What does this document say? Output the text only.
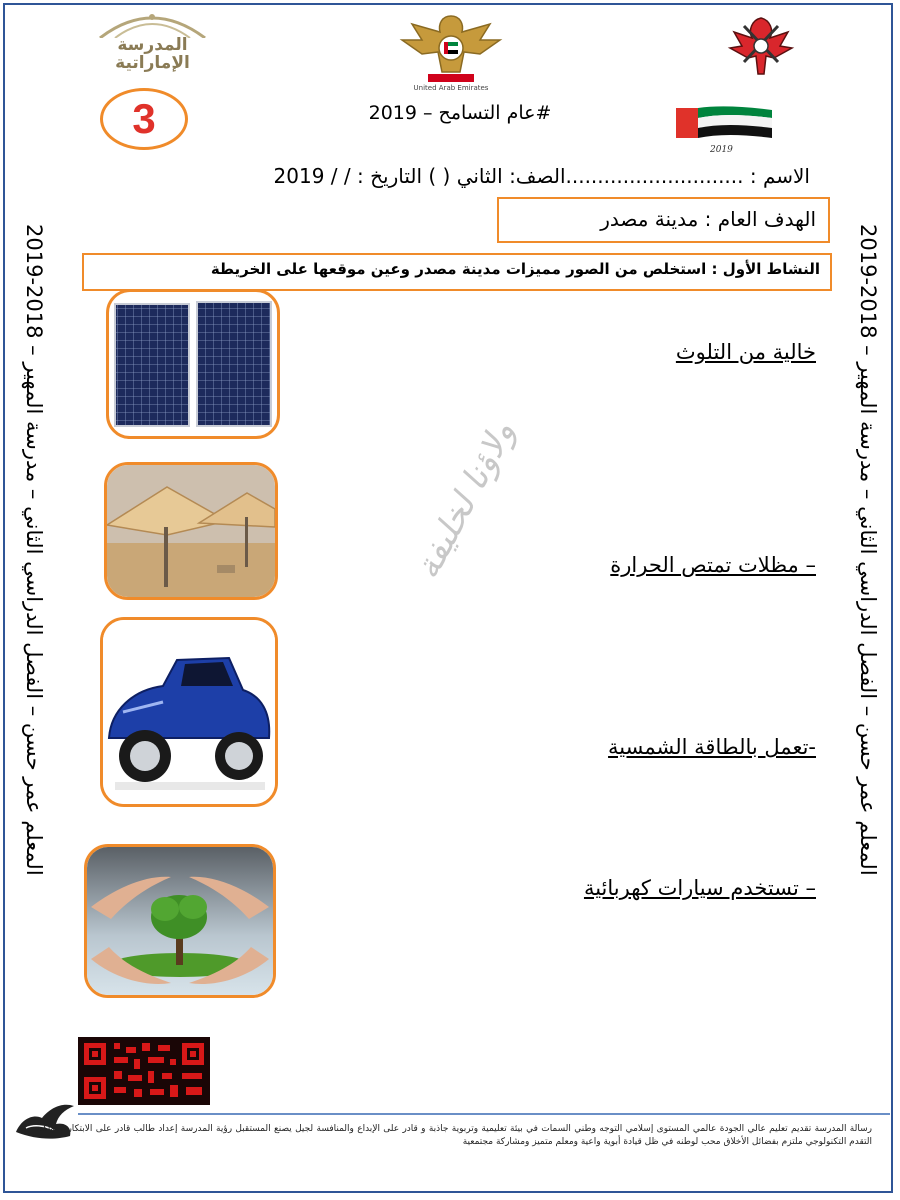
المعلم عمر حسن – الفصل الدراسي الثاني – مدرسة المهير – 2018-2019
المعلم عمر حسن – الفصل الدراسي الثاني – مدرسة المهير – 2018-2019
المدرسة الإماراتية
United Arab Emirates
3	#عام التسامح – 2019
2019
الاسم : ............................الصف: الثاني ( ) التاريخ : / / 2019
الهدف العام : مدينة مصدر
النشاط الأول : استخلص من الصور مميزات مدينة مصدر وعين موقعها على الخريطة
خالية من التلوث
– مظلات تمتص الحرارة
ولاؤنا لخليفة
-تعمل بالطاقة الشمسية
– تستخدم سيارات كهربائية
رسالة المدرسة تقديم تعليم عالي الجودة عالمي المستوى إسلامي التوجه وطني السمات في بيئة تعليمية وتربوية جاذبة و قادر على الإبداع والمنافسة لجيل يصنع المستقبل رؤية المدرسة إعداد طالب قادر على الابتكار ومواكبة التقدم التكنولوجي ملتزم بفضائل الأخلاق محب لوطنه في ظل قيادة أبوية واعية ومعلم متميز ومشاركة مجتمعية
